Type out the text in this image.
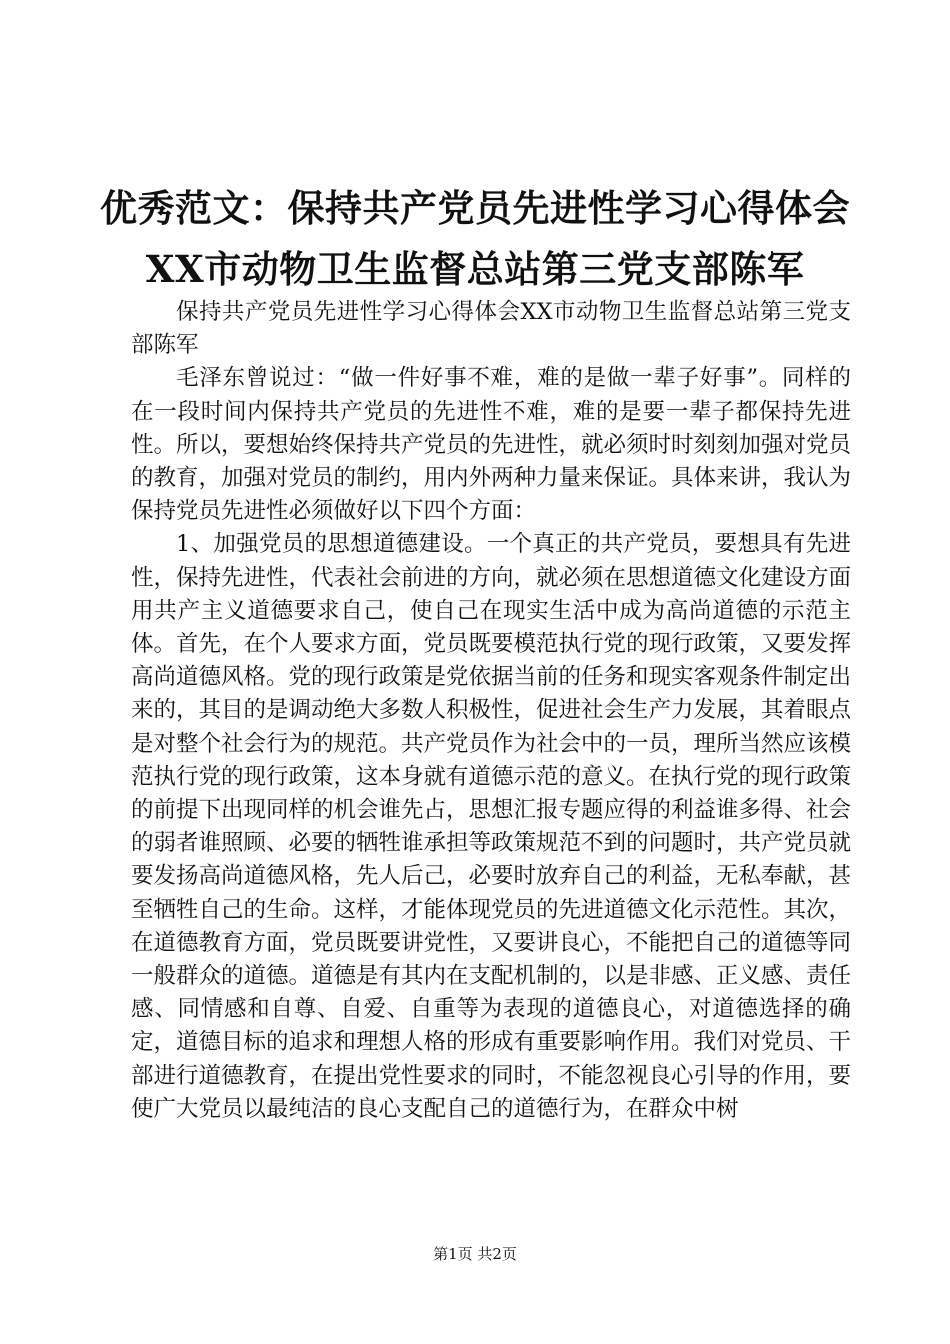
优秀范文：保持共产党员先进性学习心得体会
XX市动物卫生监督总站第三党支部陈军

保持共产党员先进性学习心得体会XX市动物卫生监督总站第三党支部陈军

毛泽东曾说过：“做一件好事不难，难的是做一辈子好事”。同样的在一段时间内保持共产党员的先进性不难，难的是要一辈子都保持先进性。所以，要想始终保持共产党员的先进性，就必须时时刻刻加强对党员的教育，加强对党员的制约，用内外两种力量来保证。具体来讲，我认为保持党员先进性必须做好以下四个方面：

1、加强党员的思想道德建设。一个真正的共产党员，要想具有先进性，保持先进性，代表社会前进的方向，就必须在思想道德文化建设方面用共产主义道德要求自己，使自己在现实生活中成为高尚道德的示范主体。首先，在个人要求方面，党员既要模范执行党的现行政策，又要发挥高尚道德风格。党的现行政策是党依据当前的任务和现实客观条件制定出来的，其目的是调动绝大多数人积极性，促进社会生产力发展，其着眼点是对整个社会行为的规范。共产党员作为社会中的一员，理所当然应该模范执行党的现行政策，这本身就有道德示范的意义。在执行党的现行政策的前提下出现同样的机会谁先占，思想汇报专题应得的利益谁多得、社会的弱者谁照顾、必要的牺牲谁承担等政策规范不到的问题时，共产党员就要发扬高尚道德风格，先人后己，必要时放弃自己的利益，无私奉献，甚至牺牲自己的生命。这样，才能体现党员的先进道德文化示范性。其次，在道德教育方面，党员既要讲党性，又要讲良心，不能把自己的道德等同一般群众的道德。道德是有其内在支配机制的，以是非感、正义感、责任感、同情感和自尊、自爱、自重等为表现的道德良心，对道德选择的确定，道德目标的追求和理想人格的形成有重要影响作用。我们对党员、干部进行道德教育，在提出党性要求的同时，不能忽视良心引导的作用，要使广大党员以最纯洁的良心支配自己的道德行为，在群众中树

第1页 共2页
